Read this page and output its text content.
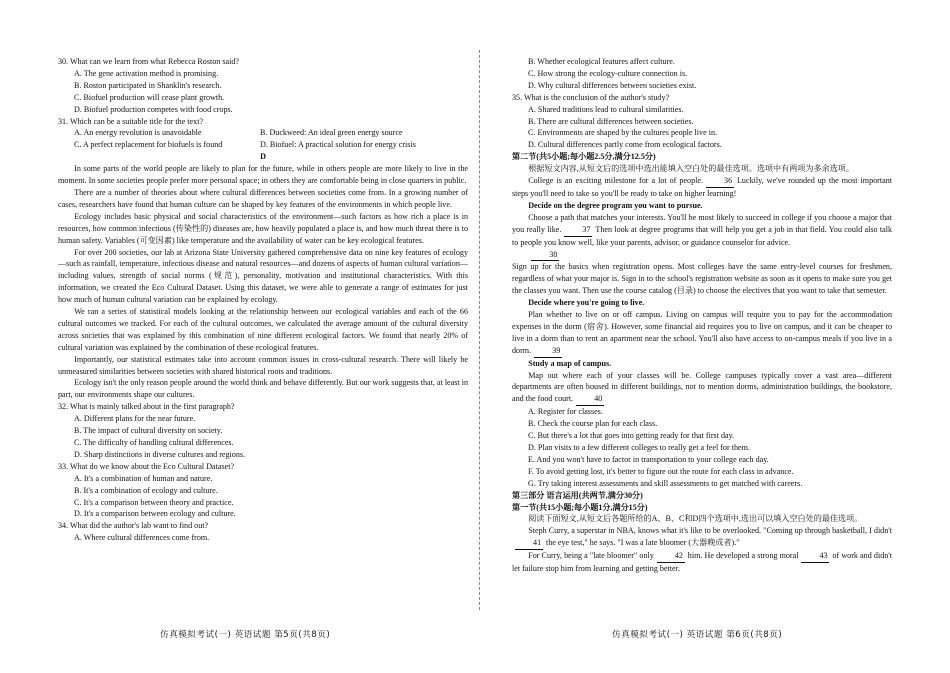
30. What can we learn from what Rebecca Roston said?
A. The gene activation method is promising.
B. Roston participated in Shanklin's research.
C. Biofuel production will cease plant growth.
D. Biofuel production competes with food crops.
31. Which can be a suitable title for the text?
A. An energy revolution is unavoidable	B. Duckweed: An ideal green energy source
C. A perfect replacement for biofuels is found	D. Biofuel: A practical solution for energy crisis
D
In some parts of the world people are likely to plan for the future, while in others people are more likely to live in the moment. In some societies people prefer more personal space; in others they are comfortable being in close quarters in public.
There are a number of theories about where cultural differences between societies come from. In a growing number of cases, researchers have found that human culture can be shaped by key features of the environments in which people live.
Ecology includes basic physical and social characteristics of the environment—such factors as how rich a place is in resources, how common infectious (传染性的) diseases are, how heavily populated a place is, and how much threat there is to human safety. Variables (可变因素) like temperature and the availability of water can be key ecological features.
For over 200 societies, our lab at Arizona State University gathered comprehensive data on nine key features of ecology—such as rainfall, temperature, infectious disease and natural resources—and dozens of aspects of human cultural variation—including values, strength of social norms (规范), personality, motivation and institutional characteristics. With this information, we created the Eco Cultural Dataset. Using this dataset, we were able to generate a range of estimates for just how much of human cultural variation can be explained by ecology.
We ran a series of statistical models looking at the relationship between our ecological variables and each of the 66 cultural outcomes we tracked. For each of the cultural outcomes, we calculated the average amount of the cultural diversity across societies that was explained by this combination of nine different ecological factors. We found that nearly 20% of cultural variation was explained by the combination of these ecological features.
Importantly, our statistical estimates take into account common issues in cross-cultural research. There will likely be unmeasured similarities between societies with shared historical roots and traditions.
Ecology isn't the only reason people around the world think and behave differently. But our work suggests that, at least in part, our environments shape our cultures.
32. What is mainly talked about in the first paragraph?
A. Different plans for the near future.
B. The impact of cultural diversity on society.
C. The difficulty of handling cultural differences.
D. Sharp distinctions in diverse cultures and regions.
33. What do we know about the Eco Cultural Dataset?
A. It's a combination of human and nature.
B. It's a combination of ecology and culture.
C. It's a comparison between theory and practice.
D. It's a comparison between ecology and culture.
34. What did the author's lab want to find out?
A. Where cultural differences come from.
B. Whether ecological features affect culture.
C. How strong the ecology-culture connection is.
D. Why cultural differences between societies exist.
35. What is the conclusion of the author's study?
A. Shared traditions lead to cultural similarities.
B. There are cultural differences between societies.
C. Environments are shaped by the cultures people live in.
D. Cultural differences partly come from ecological factors.
第二节(共5小题;每小题2.5分,满分12.5分)
根据短文内容,从短文后的选项中选出能填入空白处的最佳选项。选项中有两项为多余选项。
College is an exciting milestone for a lot of people.	36 Luckily, we've rounded up the most important steps you'll need to take so you'll be ready to take on higher learning!
Decide on the degree program you want to pursue.
Choose a path that matches your interests. You'll be most likely to succeed in college if you choose a major that you really like.	37 Then look at degree programs that will help you get a job in that field. You could also talk to people you know well, like your parents, advisor, or guidance counselor for advice.
38
Sign up for the basics when registration opens. Most colleges have the same entry-level courses for freshmen, regardless of what your major is. Sign in to the school's registration website as soon as it opens to make sure you get the classes you want. Then use the course catalog (目录) to choose the electives that you want to take that semester.
Decide where you're going to live.
Plan whether to live on or off campus. Living on campus will require you to pay for the accommodation expenses in the dorm (宿舍). However, some financial aid requires you to live on campus, and it can be cheaper to live in a dorm than to rent an apartment near the school. You'll also have access to on-campus meals if you live in a dorm.	39
Study a map of campus.
Map out where each of your classes will be. College campuses typically cover a vast area—different departments are often housed in different buildings, not to mention dorms, administration buildings, the bookstore, and the food court.	40
A. Register for classes.
B. Check the course plan for each class.
C. But there's a lot that goes into getting ready for that first day.
D. Plan visits to a few different colleges to really get a feel for them.
E. And you won't have to factor in transportation to your college each day.
F. To avoid getting lost, it's better to figure out the route for each class in advance.
G. Try taking interest assessments and skill assessments to get matched with careers.
第三部分 语言运用(共两节,满分30分)
第一节(共15小题;每小题1分,满分15分)
阅读下面短文,从短文后各题所给的A、B、C和D四个选项中,选出可以填入空白处的最佳选项。
Steph Curry, a superstar in NBA, knows what it's like to be overlooked. "Coming up through basketball, I didn't41 the eye test," he says. "I was a late bloomer (大器晚成者)."
For Curry, being a "late bloomer" only	42 him. He developed a strong moral	43 of work and didn't let failure stop him from learning and getting better.
仿真模拟考试(一) 英语试题 第5页(共8页)	仿真模拟考试(一) 英语试题 第6页(共8页)
